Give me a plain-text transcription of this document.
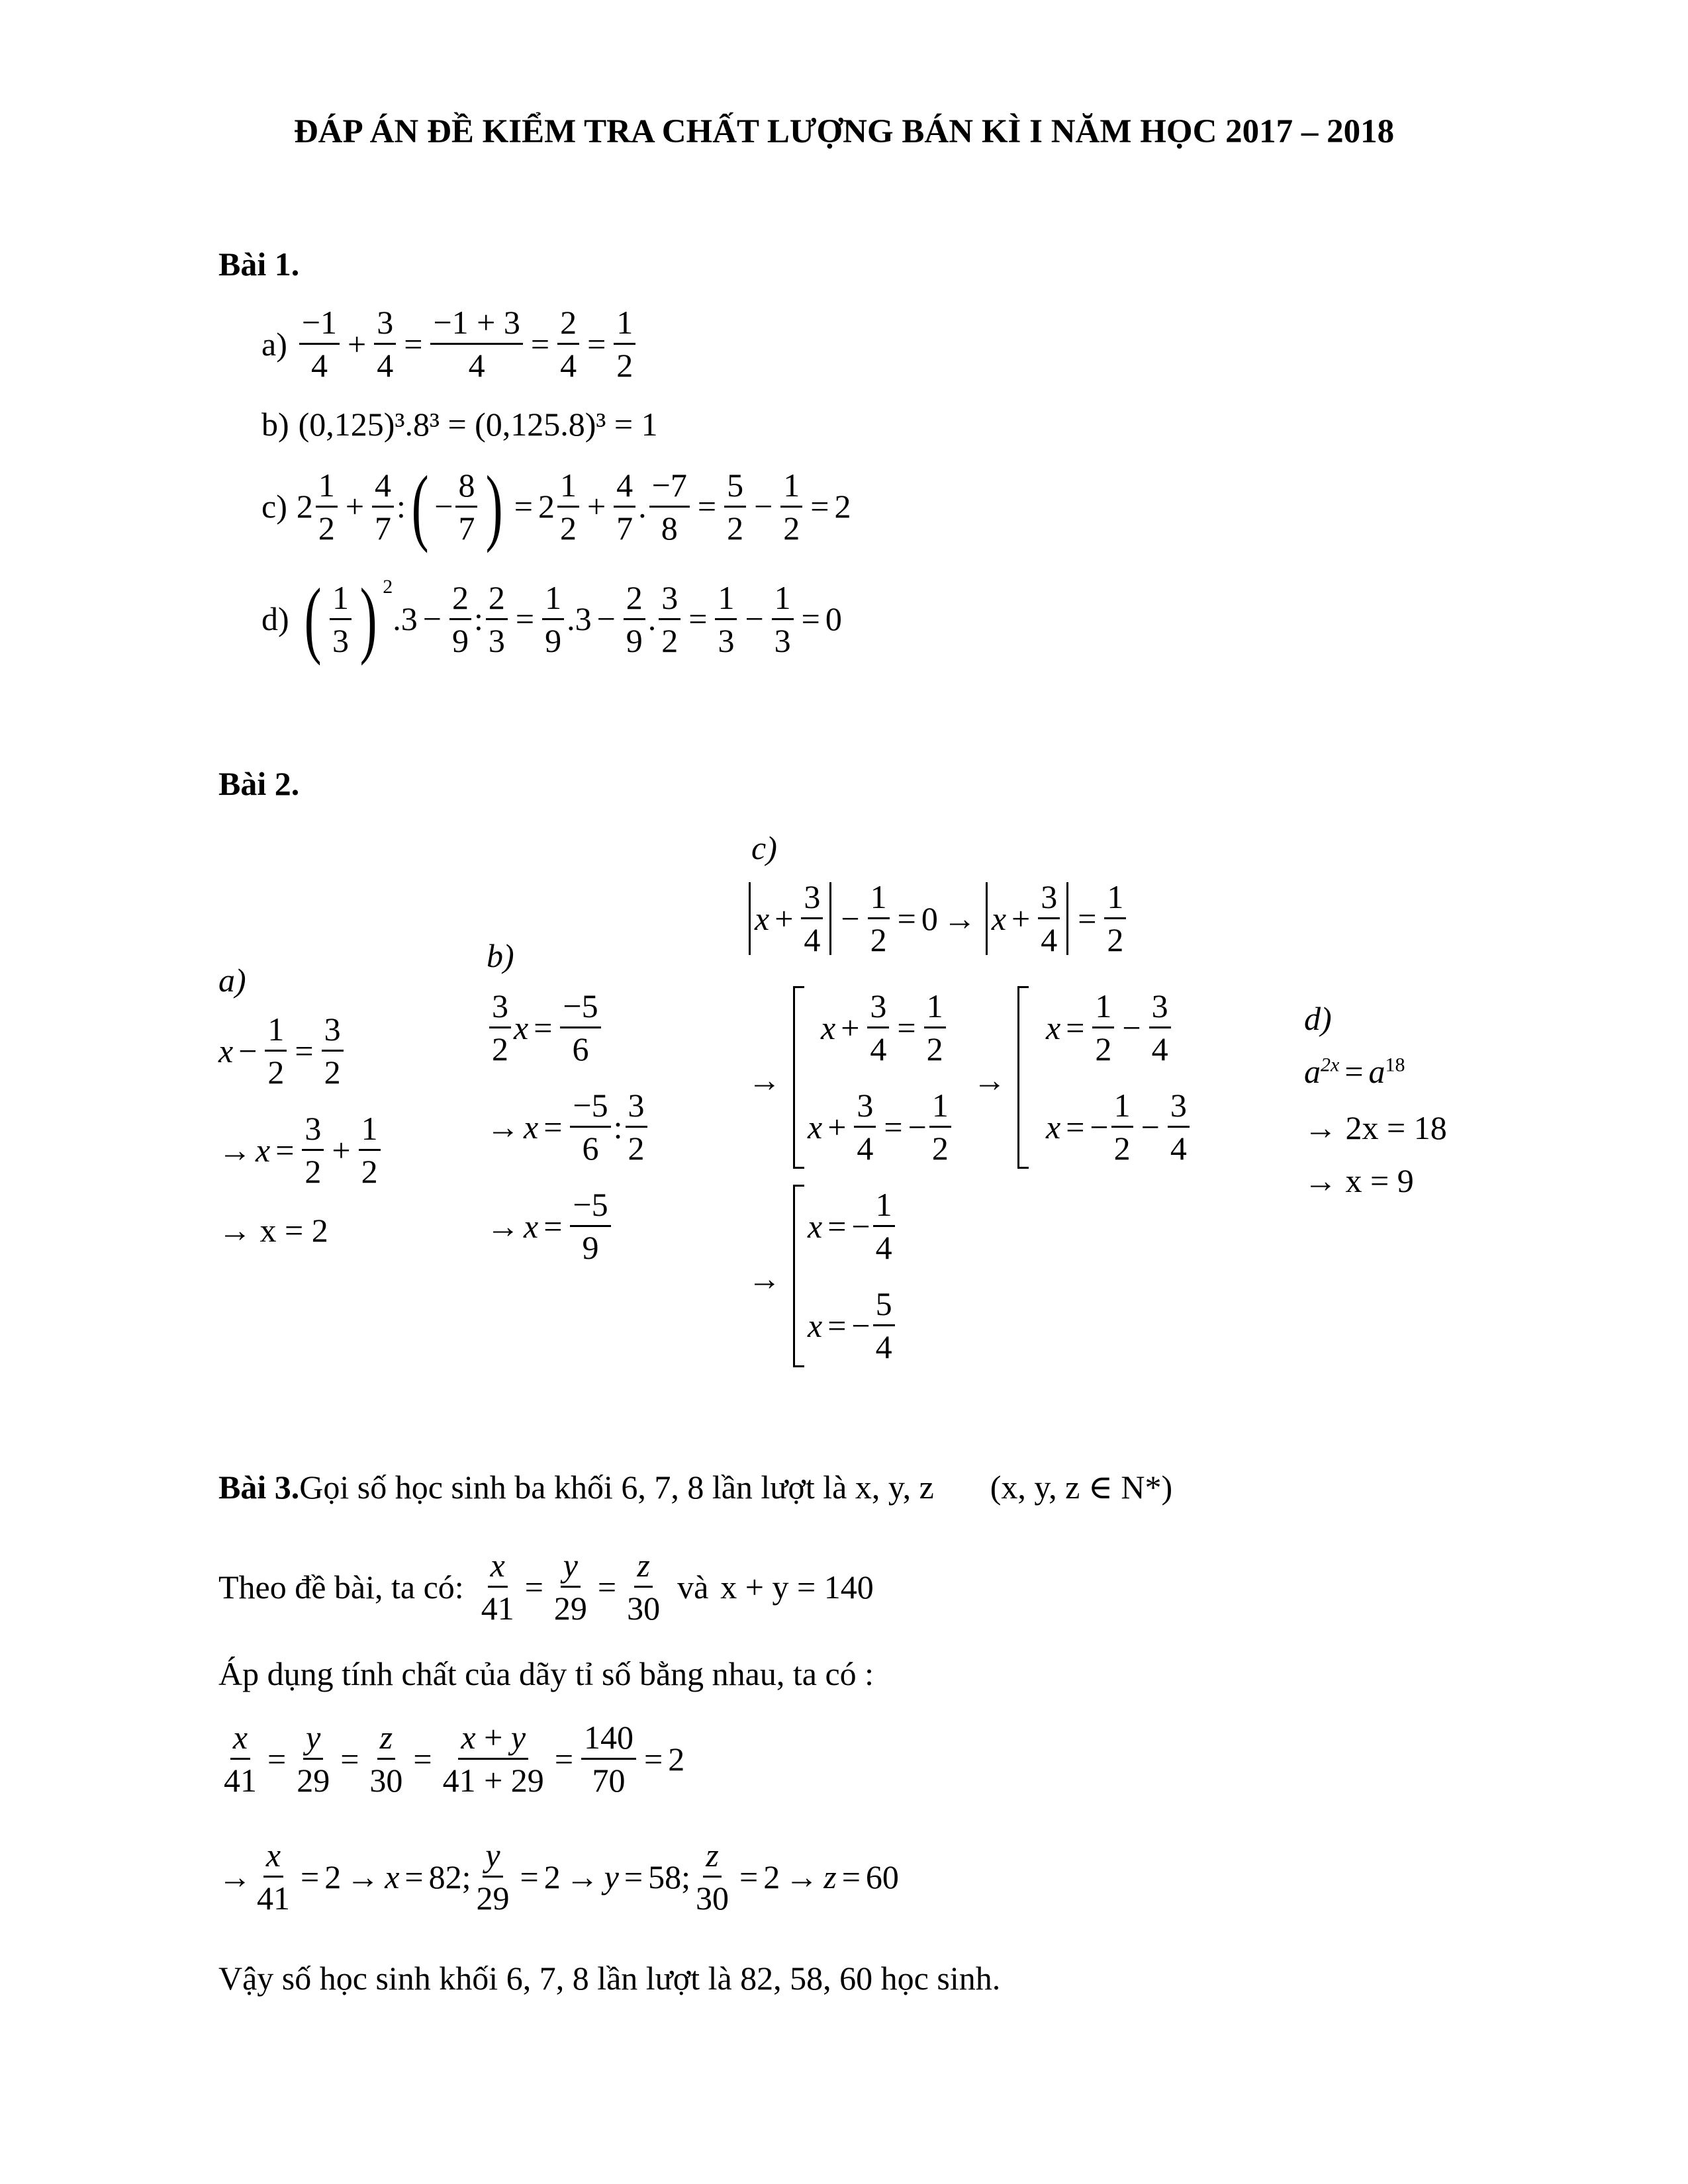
ĐÁP ÁN ĐỀ KIỂM TRA CHẤT LƯỢNG BÁN KÌ I NĂM HỌC 2017 – 2018
Bài 1.
$a) \frac{-1}{4} + \frac{3}{4} = \frac{-1 + 3}{4} = \frac{2}{4} = \frac{1}{2}$
b) (0,125)³.8³ = (0,125.8)³ = 1
c) $2 \frac{1}{2} + \frac{4}{7}$ : ( − $\frac{8}{7}$ ) = $2 \frac{1}{2} + \frac{4}{7}$ . $\frac{-7}{8} = \frac{5}{2} - \frac{1}{2} = 2$
d) ( $\frac{1}{3}$ ) $^2$
$.3 - \frac{2}{9}$ : $\frac{2}{3} = \frac{1}{9} .3 - \frac{2}{9}$ . $\frac{3}{2} = \frac{1}{3} - \frac{1}{3} = 0$
Bài 2.
a)
$x - \frac{1}{2} = \frac{3}{2}$
→ $x = \frac{3}{2} + \frac{1}{2}$
→ x = 2
b)
$\frac{3}{2}$ $x = \frac{-5}{6}$
→ $x = \frac{-5}{6}$ : $\frac{3}{2}$
→ $x = \frac{-5}{9}$
c)
$x + \frac{3}{4} - \frac{1}{2} = 0 \to x + \frac{3}{4} = \frac{1}{2}$
→
$x + \frac{3}{4} = \frac{1}{2}$
$x + \frac{3}{4}$ = − $\frac{1}{2}$
→
$x = \frac{1}{2} - \frac{3}{4}$
x = − $\frac{1}{2} - \frac{3}{4}$
→
x = − $\frac{1}{4}$
x = − $\frac{5}{4}$
d)
$a^{2x} = a^{18}$
→ 2x = 18
→ x = 9
Bài 3.Gọi số học sinh ba khối 6, 7, 8 lần lượt là x, y, z (x, y, z ∈ N*)
Theo đề bài, ta có: $\frac{x}{41} = \frac{y}{29} = \frac{z}{30}$ và x + y = 140
Áp dụng tính chất của dãy tỉ số bằng nhau, ta có :
$\frac{x}{41} = \frac{y}{29} = \frac{z}{30} = \frac{x + y}{41 + 29} = \frac{140}{70} = 2$
→ $\frac{x}{41} = 2 \to x = 82$; $\frac{y}{29} = 2 \to y = 58$; $\frac{z}{30} = 2 \to z = 60$
Vậy số học sinh khối 6, 7, 8 lần lượt là 82, 58, 60 học sinh.
